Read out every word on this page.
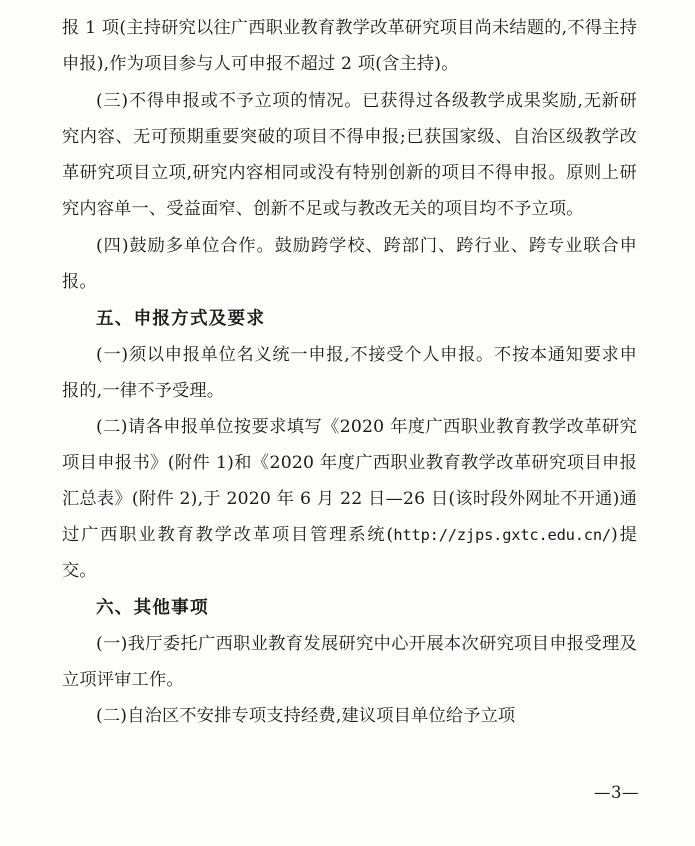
报 1 项(主持研究以往广西职业教育教学改革研究项目尚未结题的,不得主持申报),作为项目参与人可申报不超过 2 项(含主持)。

(三)不得申报或不予立项的情况。已获得过各级教学成果奖励,无新研究内容、无可预期重要突破的项目不得申报;已获国家级、自治区级教学改革研究项目立项,研究内容相同或没有特别创新的项目不得申报。原则上研究内容单一、受益面窄、创新不足或与教改无关的项目均不予立项。

(四)鼓励多单位合作。鼓励跨学校、跨部门、跨行业、跨专业联合申报。

五、申报方式及要求

(一)须以申报单位名义统一申报,不接受个人申报。不按本通知要求申报的,一律不予受理。

(二)请各申报单位按要求填写《2020 年度广西职业教育教学改革研究项目申报书》(附件 1)和《2020 年度广西职业教育教学改革研究项目申报汇总表》(附件 2),于 2020 年 6 月 22 日—26 日(该时段外网址不开通)通过广西职业教育教学改革项目管理系统(http://zjps.gxtc.edu.cn/)提交。

六、其他事项

(一)我厅委托广西职业教育发展研究中心开展本次研究项目申报受理及立项评审工作。

(二)自治区不安排专项支持经费,建议项目单位给予立项

—3—
